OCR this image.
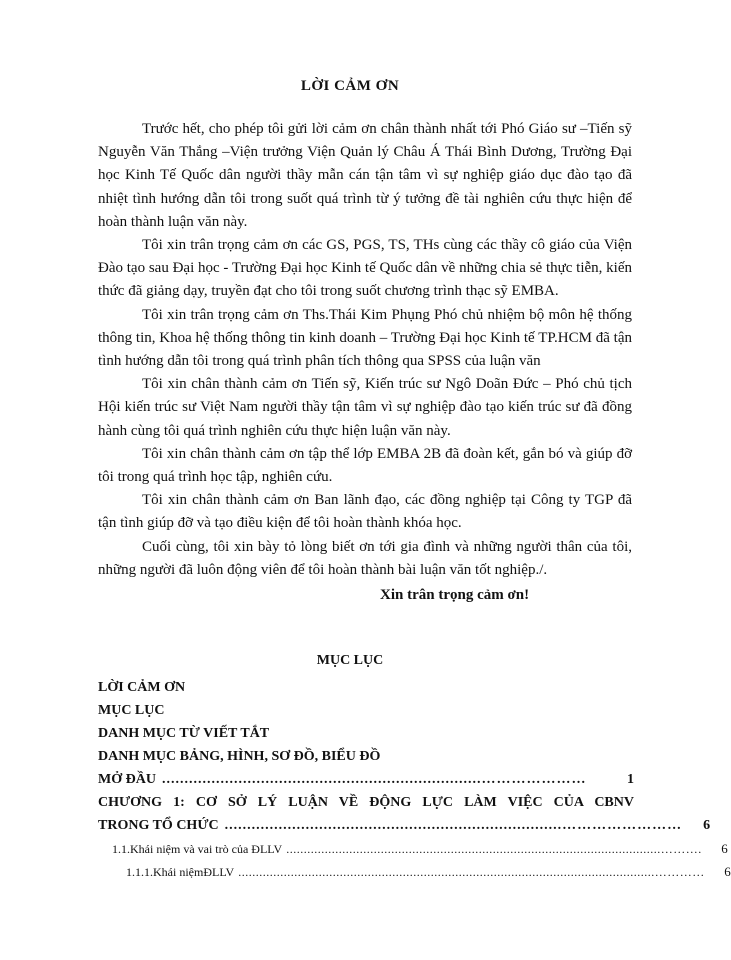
LỜI CẢM ƠN

Trước hết, cho phép tôi gửi lời cảm ơn chân thành nhất tới Phó Giáo sư –Tiến sỹ Nguyễn Văn Thắng –Viện trưởng Viện Quản lý Châu Á Thái Bình Dương, Trường Đại học Kinh Tế Quốc dân người thầy mẫn cán tận tâm vì sự nghiệp giáo dục đào tạo đã nhiệt tình hướng dẫn tôi trong suốt quá trình từ ý tưởng đề tài nghiên cứu thực hiện để hoàn thành luận văn này.

Tôi xin trân trọng cảm ơn các GS, PGS, TS, THs cùng các thầy cô giáo của Viện Đào tạo sau Đại học - Trường Đại học Kinh tế Quốc dân về những chia sẻ thực tiễn, kiến thức đã giảng dạy, truyền đạt cho tôi trong suốt chương trình thạc sỹ EMBA.

Tôi xin trân trọng cảm ơn Ths.Thái Kim Phụng Phó chủ nhiệm bộ môn hệ thống thông tin, Khoa hệ thống thông tin kinh doanh – Trường Đại học Kinh tế TP.HCM đã tận tình hướng dẫn tôi trong quá trình phân tích thông qua SPSS của luận văn

Tôi xin chân thành cảm ơn Tiến sỹ, Kiến trúc sư Ngô Doãn Đức – Phó chủ tịch Hội kiến trúc sư Việt Nam người thầy tận tâm vì sự nghiệp đào tạo kiến trúc sư đã đồng hành cùng tôi quá trình nghiên cứu thực hiện luận văn này.

Tôi xin chân thành cảm ơn tập thể lớp EMBA 2B đã đoàn kết, gắn bó và giúp đỡ tôi trong quá trình học tập, nghiên cứu.

Tôi xin chân thành cảm ơn Ban lãnh đạo, các đồng nghiệp tại Công ty TGP đã tận tình giúp đỡ và tạo điều kiện để tôi hoàn thành khóa học.

Cuối cùng, tôi xin bày tỏ lòng biết ơn tới gia đình và những người thân của tôi, những người đã luôn động viên để tôi hoàn thành bài luận văn tốt nghiệp./.

Xin trân trọng cảm ơn!
MỤC LỤC
LỜI CẢM ƠN
MỤC LỤC
DANH MỤC TỪ VIẾT TẮT
DANH MỤC BẢNG, HÌNH, SƠ ĐỒ, BIỂU ĐỒ
MỞ ĐẦU .......................................................................…………………	1
CHƯƠNG 1: CƠ SỞ LÝ LUẬN VỀ ĐỘNG LỰC LÀM VIỆC CỦA CBNV
TRONG TỔ CHỨC ...........................................................................……………………	6
1.1.Khái niệm và vai trò của ĐLLV ...........................................................................................................……….	6
1.1.1.Khái niệmĐLLV .......................................................................................................................…………	6
